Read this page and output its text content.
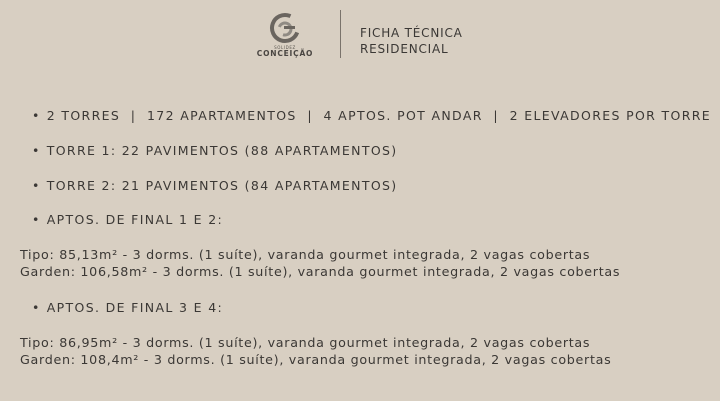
SOLIDEZ
CONCEIÇÃO
FICHA TÉCNICA
RESIDENCIAL
• 2 TORRES  |  172 APARTAMENTOS  |  4 APTOS. POT ANDAR  |  2 ELEVADORES POR TORRE
• TORRE 1: 22 PAVIMENTOS (88 APARTAMENTOS)
• TORRE 2: 21 PAVIMENTOS (84 APARTAMENTOS)
• APTOS. DE FINAL 1 E 2:
Tipo: 85,13m² - 3 dorms. (1 suíte), varanda gourmet integrada, 2 vagas cobertas
Garden: 106,58m² - 3 dorms. (1 suíte), varanda gourmet integrada, 2 vagas cobertas
• APTOS. DE FINAL 3 E 4:
Tipo: 86,95m² - 3 dorms. (1 suíte), varanda gourmet integrada, 2 vagas cobertas
Garden: 108,4m² - 3 dorms. (1 suíte), varanda gourmet integrada, 2 vagas cobertas
